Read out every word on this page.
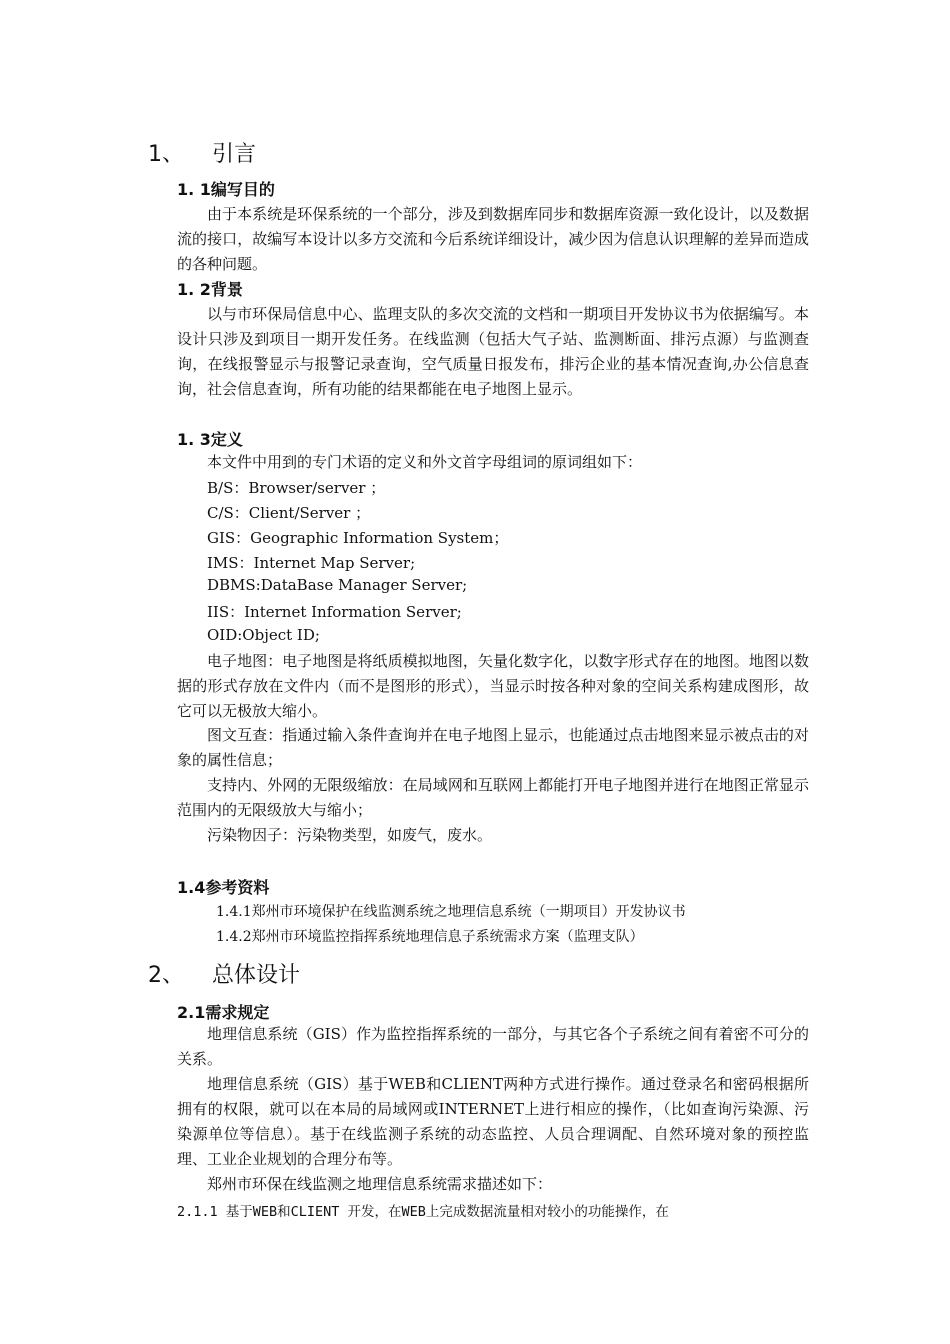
1、 引言
1. 1编写目的

由于本系统是环保系统的一个部分，涉及到数据库同步和数据库资源一致化设计，以及数据流的接口，故编写本设计以多方交流和今后系统详细设计，减少因为信息认识理解的差异而造成的各种问题。

1. 2背景

以与市环保局信息中心、监理支队的多次交流的文档和一期项目开发协议书为依据编写。本设计只涉及到项目一期开发任务。在线监测（包括大气子站、监测断面、排污点源）与监测查询，在线报警显示与报警记录查询，空气质量日报发布，排污企业的基本情况查询,办公信息查询，社会信息查询，所有功能的结果都能在电子地图上显示。

1. 3定义
本文件中用到的专门术语的定义和外文首字母组词的原词组如下：
B/S：Browser/server ；
C/S：Client/Server ；
GIS：Geographic Information System；
IMS：Internet Map Server;
DBMS:DataBase Manager Server;
IIS：Internet Information Server;
OID:Object ID;

电子地图：电子地图是将纸质模拟地图，矢量化数字化，以数字形式存在的地图。地图以数据的形式存放在文件内（而不是图形的形式），当显示时按各种对象的空间关系构建成图形，故它可以无极放大缩小。

图文互查：指通过输入条件查询并在电子地图上显示，也能通过点击地图来显示被点击的对象的属性信息；

支持内、外网的无限级缩放：在局域网和互联网上都能打开电子地图并进行在地图正常显示范围内的无限级放大与缩小；

污染物因子：污染物类型，如废气，废水。

1.4参考资料
1.4.1郑州市环境保护在线监测系统之地理信息系统（一期项目）开发协议书
1.4.2郑州市环境监控指挥系统地理信息子系统需求方案（监理支队）
2、 总体设计
2.1需求规定

地理信息系统（GIS）作为监控指挥系统的一部分，与其它各个子系统之间有着密不可分的关系。

地理信息系统（GIS）基于WEB和CLIENT两种方式进行操作。通过登录名和密码根据所拥有的权限，就可以在本局的局域网或INTERNET上进行相应的操作，（比如查询污染源、污染源单位等信息）。基于在线监测子系统的动态监控、人员合理调配、自然环境对象的预控监理、工业企业规划的合理分布等。

郑州市环保在线监测之地理信息系统需求描述如下：

2.1.1 基于WEB和CLIENT 开发，在WEB上完成数据流量相对较小的功能操作，在
